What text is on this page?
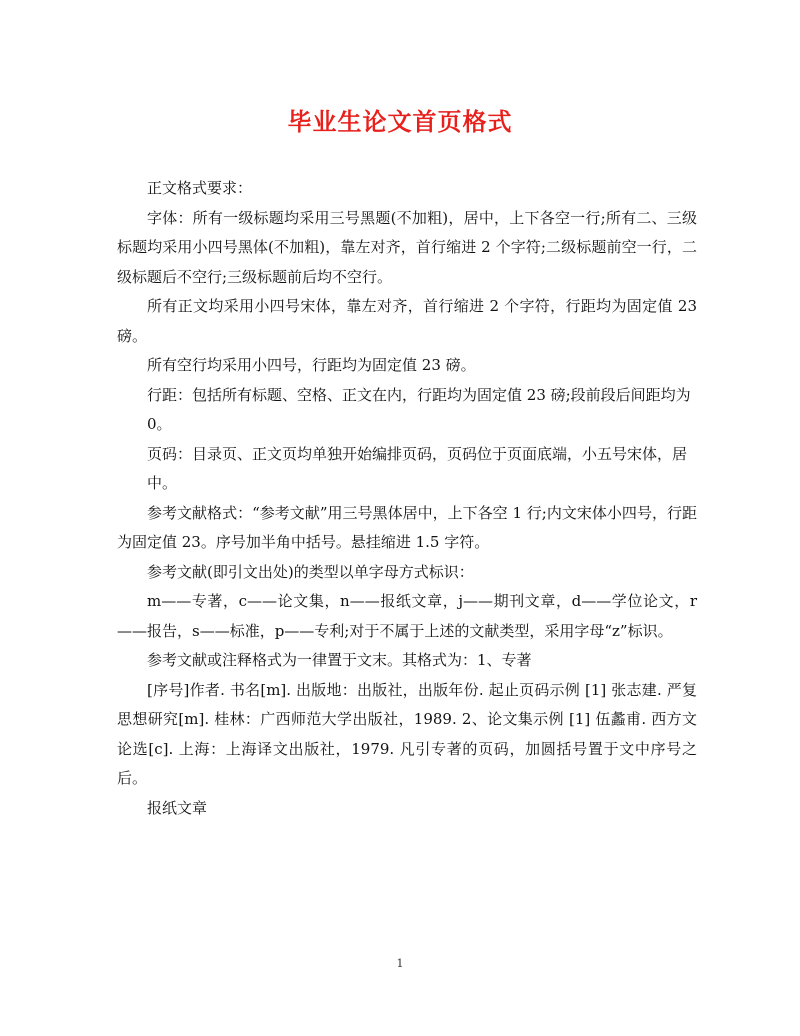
毕业生论文首页格式

正文格式要求：

字体：所有一级标题均采用三号黑题(不加粗)，居中，上下各空一行;所有二、三级标题均采用小四号黑体(不加粗)，靠左对齐，首行缩进 2 个字符;二级标题前空一行，二级标题后不空行;三级标题前后均不空行。

所有正文均采用小四号宋体，靠左对齐，首行缩进 2 个字符，行距均为固定值 23 磅。

所有空行均采用小四号，行距均为固定值 23 磅。

行距：包括所有标题、空格、正文在内，行距均为固定值 23 磅;段前段后间距均为

0。

页码：目录页、正文页均单独开始编排页码，页码位于页面底端，小五号宋体，居

中。

参考文献格式：“参考文献”用三号黑体居中，上下各空 1 行;内文宋体小四号，行距为固定值 23。序号加半角中括号。悬挂缩进 1.5 字符。

参考文献(即引文出处)的类型以单字母方式标识：

m——专著，c——论文集，n——报纸文章，j——期刊文章，d——学位论文，r——报告，s——标准，p——专利;对于不属于上述的文献类型，采用字母“z”标识。

参考文献或注释格式为一律置于文末。其格式为：1、专著

[序号]作者. 书名[m]. 出版地：出版社，出版年份. 起止页码示例 [1] 张志建. 严复思想研究[m]. 桂林：广西师范大学出版社，1989. 2、论文集示例 [1] 伍蠡甫. 西方文论选[c]. 上海：上海译文出版社，1979. 凡引专著的页码，加圆括号置于文中序号之后。

报纸文章

1
